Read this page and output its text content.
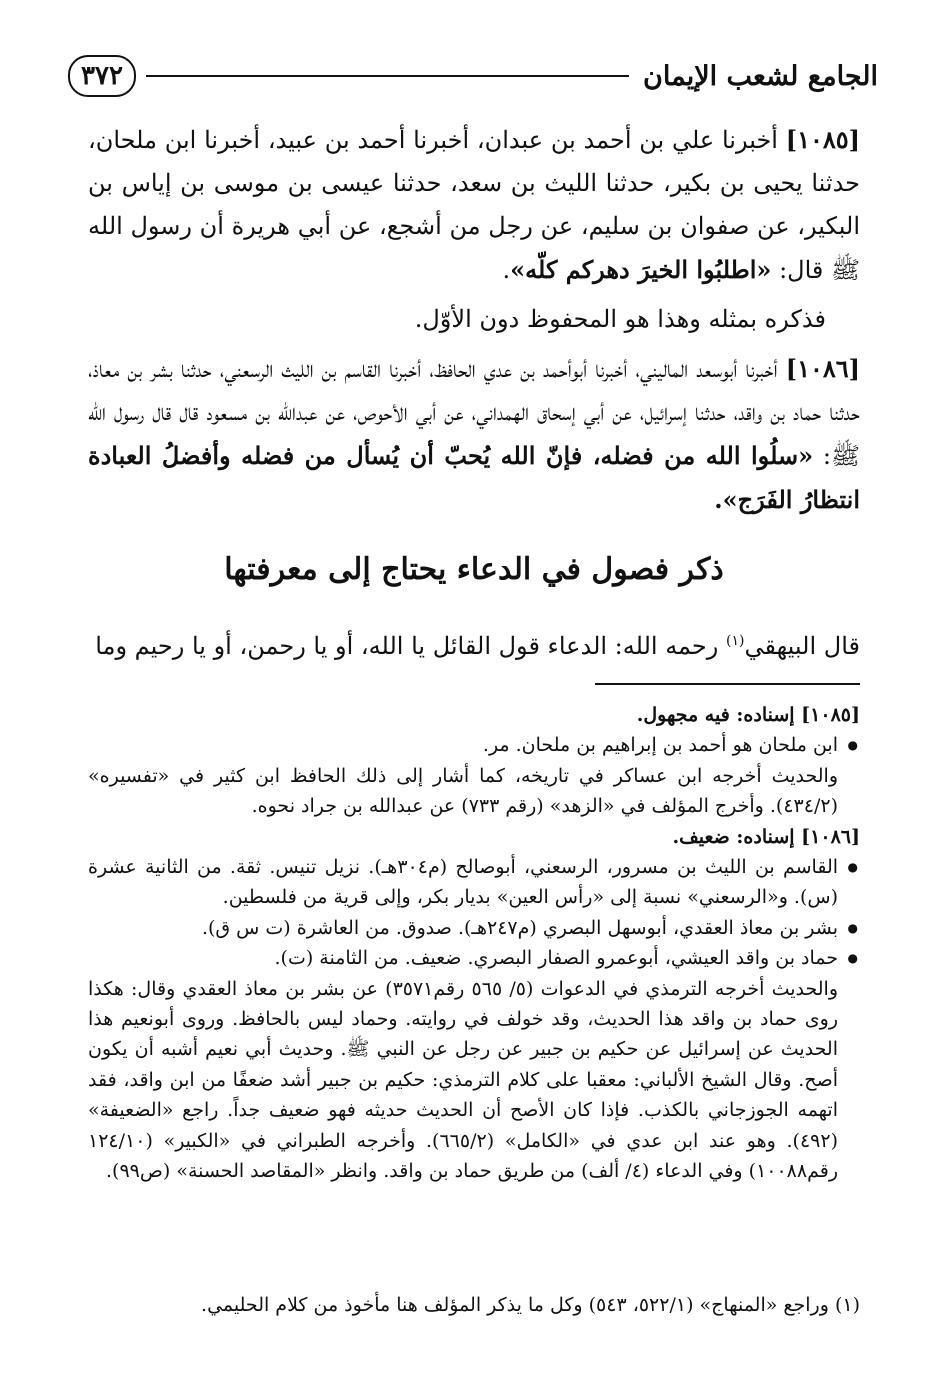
الجامع لشعب الإيمان
٣٧٢

[١٠٨٥] أخبرنا علي بن أحمد بن عبدان، أخبرنا أحمد بن عبيد، أخبرنا ابن ملحان، حدثنا يحيى بن بكير، حدثنا الليث بن سعد، حدثنا عيسى بن موسى بن إياس بن البكير، عن صفوان بن سليم، عن رجل من أشجع، عن أبي هريرة أن رسول الله ﷺ قال: «اطلبُوا الخيرَ دهركم كلّه».

فذكره بمثله وهذا هو المحفوظ دون الأوّل.

[١٠٨٦] أخبرنا أبوسعد الماليني، أخبرنا أبوأحمد بن عدي الحافظ، أخبرنا القاسم بن الليث الرسعني، حدثنا بشر بن معاذ، حدثنا حماد بن واقد، حدثنا إسرائيل، عن أبي إسحاق الهمداني، عن أبي الأحوص، عن عبدالله بن مسعود قال قال رسول الله ﷺ: «سلُوا الله من فضله، فإنّ الله يُحبّ أن يُسأل من فضله وأفضلُ العبادة انتظارُ الفَرَج».

ذكر فصول في الدعاء يحتاج إلى معرفتها

قال البيهقي$^{(١)}$ رحمه الله: الدعاء قول القائل يا الله، أو يا رحمن، أو يا رحيم وما

[١٠٨٥] إسناده: فيه مجهول.

● ابن ملحان هو أحمد بن إبراهيم بن ملحان. مر.

والحديث أخرجه ابن عساكر في تاريخه، كما أشار إلى ذلك الحافظ ابن كثير في «تفسيره» (٤٣٤/٢). وأخرج المؤلف في «الزهد» (رقم ٧٣٣) عن عبدالله بن جراد نحوه.

[١٠٨٦] إسناده: ضعيف.

● القاسم بن الليث بن مسرور، الرسعني، أبوصالح (م٣٠٤هـ). نزيل تنيس. ثقة. من الثانية عشرة (س). و«الرسعني» نسبة إلى «رأس العين» بديار بكر، وإلى قرية من فلسطين.
● بشر بن معاذ العقدي، أبوسهل البصري (م٢٤٧هـ). صدوق. من العاشرة (ت س ق).
● حماد بن واقد العيشي، أبوعمرو الصفار البصري. ضعيف. من الثامنة (ت).

والحديث أخرجه الترمذي في الدعوات (٥/ ٥٦٥ رقم٣٥٧١) عن بشر بن معاذ العقدي وقال: هكذا روى حماد بن واقد هذا الحديث، وقد خولف في روايته. وحماد ليس بالحافظ. وروى أبونعيم هذا الحديث عن إسرائيل عن حكيم بن جبير عن رجل عن النبي ﷺ. وحديث أبي نعيم أشبه أن يكون أصح. وقال الشيخ الألباني: معقبا على كلام الترمذي: حكيم بن جبير أشد ضعفًا من ابن واقد، فقد اتهمه الجوزجاني بالكذب. فإذا كان الأصح أن الحديث حديثه فهو ضعيف جداً. راجع «الضعيفة» (٤٩٢). وهو عند ابن عدي في «الكامل» (٦٦٥/٢). وأخرجه الطبراني في «الكبير» (١٢٤/١٠ رقم١٠٠٨٨) وفي الدعاء (٤/ ألف) من طريق حماد بن واقد. وانظر «المقاصد الحسنة» (ص٩٩).

(١) وراجع «المنهاج» (٥٢٢/١، ٥٤٣) وكل ما يذكر المؤلف هنا مأخوذ من كلام الحليمي.
